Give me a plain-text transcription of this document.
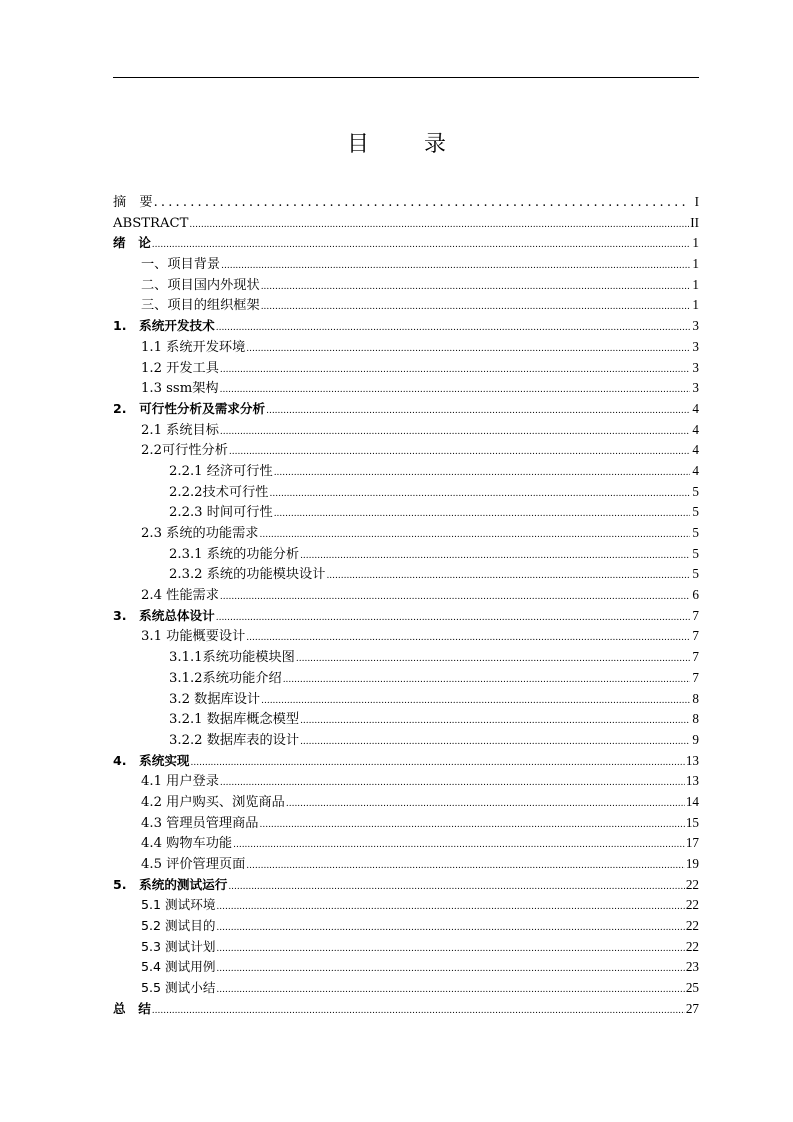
目 录
摘　要 .....	I
ABSTRACT .....	II
绪　论 .....	1
一、项目背景 .....	1
二、项目国内外现状 .....	1
三、项目的组织框架 .....	1
1.　系统开发技术 .....	3
1.1 系统开发环境 .....	3
1.2 开发工具 .....	3
1.3 ssm架构 .....	3
2.　可行性分析及需求分析 .....	4
2.1 系统目标 .....	4
2.2可行性分析 .....	4
2.2.1 经济可行性 .....	4
2.2.2技术可行性 .....	5
2.2.3 时间可行性 .....	5
2.3 系统的功能需求 .....	5
2.3.1 系统的功能分析 .....	5
2.3.2 系统的功能模块设计 .....	5
2.4 性能需求 .....	6
3.　系统总体设计 .....	7
3.1 功能概要设计 .....	7
3.1.1系统功能模块图 .....	7
3.1.2系统功能介绍 .....	7
3.2 数据库设计 .....	8
3.2.1 数据库概念模型 .....	8
3.2.2 数据库表的设计 .....	9
4.　系统实现 .....	13
4.1 用户登录 .....	13
4.2 用户购买、浏览商品 .....	14
4.3 管理员管理商品 .....	15
4.4 购物车功能 .....	17
4.5 评价管理页面 .....	19
5.　系统的测试运行 .....	22
5.1 测试环境 .....	22
5.2 测试目的 .....	22
5.3 测试计划 .....	22
5.4 测试用例 .....	23
5.5 测试小结 .....	25
总　结 .....	27
